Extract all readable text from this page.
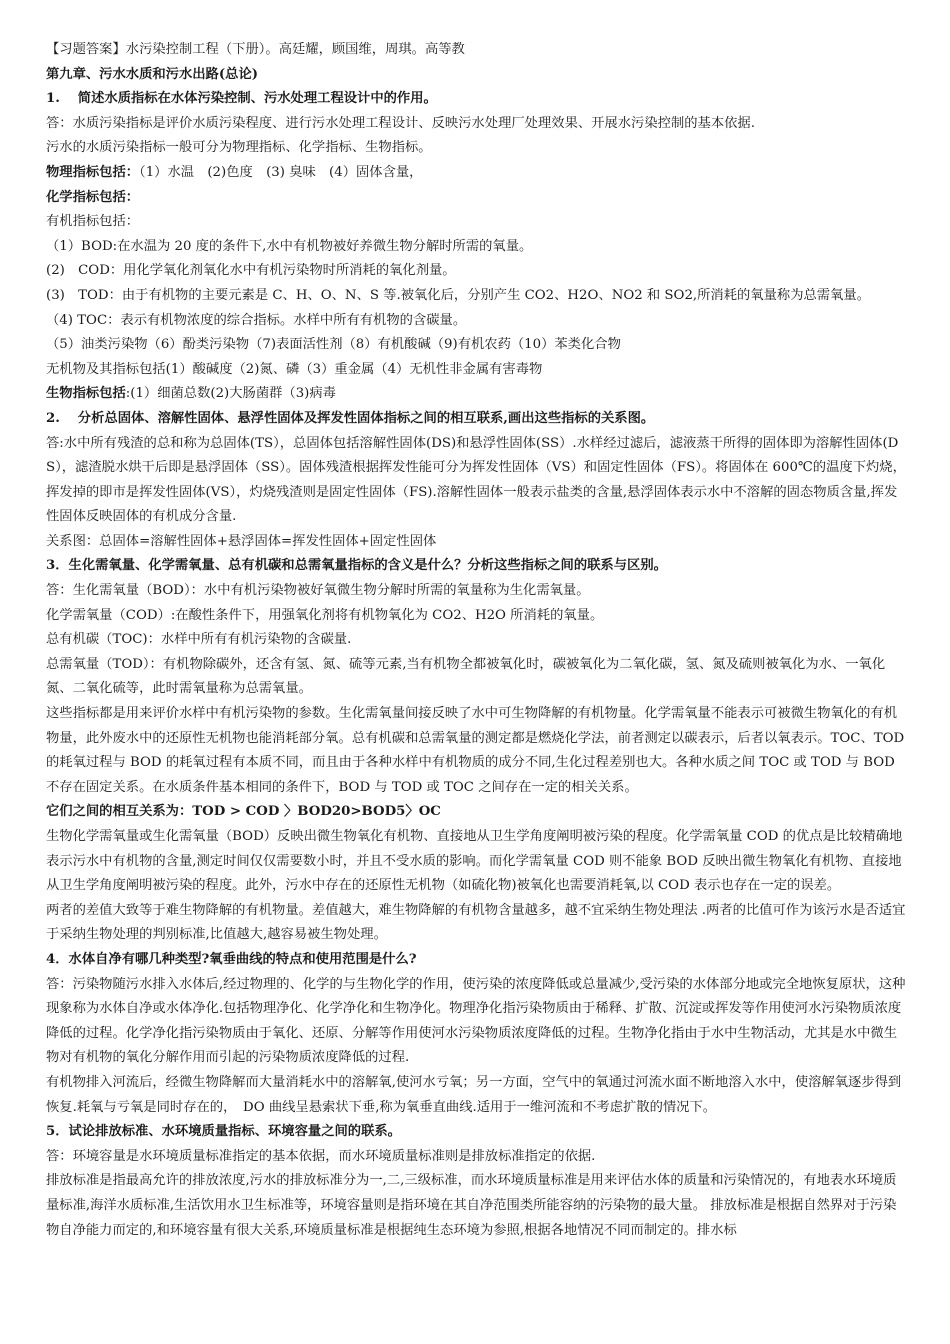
【习题答案】水污染控制工程（下册）。高廷耀，顾国维，周琪。高等教

第九章、污水水质和污水出路(总论)

1.　 简述水质指标在水体污染控制、污水处理工程设计中的作用。

答：水质污染指标是评价水质污染程度、进行污水处理工程设计、反映污水处理厂处理效果、开展水污染控制的基本依据.

污水的水质污染指标一般可分为物理指标、化学指标、生物指标。

物理指标包括：（1）水温　(2)色度　(3) 臭味　(4）固体含量，

化学指标包括：

有机指标包括：

（1）BOD:在水温为 20 度的条件下,水中有机物被好养微生物分解时所需的氧量。

(2)　COD：用化学氧化剂氧化水中有机污染物时所消耗的氧化剂量。

(3)　TOD：由于有机物的主要元素是 C、H、O、N、S 等.被氧化后，分别产生 CO2、H2O、NO2 和 SO2,所消耗的氧量称为总需氧量。

（4) TOC：表示有机物浓度的综合指标。水样中所有有机物的含碳量。

（5）油类污染物（6）酚类污染物（7)表面活性剂（8）有机酸碱（9)有机农药（10）苯类化合物

无机物及其指标包括(1）酸碱度（2)氮、磷（3）重金属（4）无机性非金属有害毒物

生物指标包括:(1）细菌总数(2)大肠菌群（3)病毒

2.　 分析总固体、溶解性固体、悬浮性固体及挥发性固体指标之间的相互联系,画出这些指标的关系图。

答:水中所有残渣的总和称为总固体(TS），总固体包括溶解性固体(DS)和悬浮性固体(SS）.水样经过滤后，滤液蒸干所得的固体即为溶解性固体(DS），滤渣脱水烘干后即是悬浮固体（SS）。固体残渣根据挥发性能可分为挥发性固体（VS）和固定性固体（FS）。将固体在 600℃的温度下灼烧，挥发掉的即市是挥发性固体(VS），灼烧残渣则是固定性固体（FS).溶解性固体一般表示盐类的含量,悬浮固体表示水中不溶解的固态物质含量,挥发性固体反映固体的有机成分含量.

关系图：总固体=溶解性固体+悬浮固体=挥发性固体+固定性固体

3．生化需氧量、化学需氧量、总有机碳和总需氧量指标的含义是什么？分析这些指标之间的联系与区别。

答：生化需氧量（BOD）：水中有机污染物被好氧微生物分解时所需的氧量称为生化需氧量。

化学需氧量（COD）:在酸性条件下，用强氧化剂将有机物氧化为 CO2、H2O 所消耗的氧量。

总有机碳（TOC)：水样中所有有机污染物的含碳量.

总需氧量（TOD）：有机物除碳外，还含有氢、氮、硫等元素,当有机物全都被氧化时，碳被氧化为二氧化碳，氢、氮及硫则被氧化为水、一氧化氮、二氧化硫等，此时需氧量称为总需氧量。

这些指标都是用来评价水样中有机污染物的参数。生化需氧量间接反映了水中可生物降解的有机物量。化学需氧量不能表示可被微生物氧化的有机物量，此外废水中的还原性无机物也能消耗部分氧。总有机碳和总需氧量的测定都是燃烧化学法，前者测定以碳表示，后者以氧表示。TOC、TOD 的耗氧过程与 BOD 的耗氧过程有本质不同，而且由于各种水样中有机物质的成分不同,生化过程差别也大。各种水质之间 TOC 或 TOD 与 BOD 不存在固定关系。在水质条件基本相同的条件下，BOD 与 TOD 或 TOC 之间存在一定的相关关系。

它们之间的相互关系为：TOD > COD 〉BOD20>BOD5〉OC

生物化学需氧量或生化需氧量（BOD）反映出微生物氧化有机物、直接地从卫生学角度阐明被污染的程度。化学需氧量 COD 的优点是比较精确地表示污水中有机物的含量,测定时间仅仅需要数小时，并且不受水质的影响。而化学需氧量 COD 则不能象 BOD 反映出微生物氧化有机物、直接地从卫生学角度阐明被污染的程度。此外，污水中存在的还原性无机物（如硫化物)被氧化也需要消耗氧,以 COD 表示也存在一定的误差。

两者的差值大致等于难生物降解的有机物量。差值越大，难生物降解的有机物含量越多，越不宜采纳生物处理法 .两者的比值可作为该污水是否适宜于采纳生物处理的判别标准,比值越大,越容易被生物处理。

4．水体自净有哪几种类型?氧垂曲线的特点和使用范围是什么?

答：污染物随污水排入水体后,经过物理的、化学的与生物化学的作用，使污染的浓度降低或总量减少,受污染的水体部分地或完全地恢复原状，这种现象称为水体自净或水体净化.包括物理净化、化学净化和生物净化。物理净化指污染物质由于稀释、扩散、沉淀或挥发等作用使河水污染物质浓度降低的过程。化学净化指污染物质由于氧化、还原、分解等作用使河水污染物质浓度降低的过程。生物净化指由于水中生物活动，尤其是水中微生物对有机物的氧化分解作用而引起的污染物质浓度降低的过程.

有机物排入河流后，经微生物降解而大量消耗水中的溶解氧,使河水亏氧；另一方面，空气中的氧通过河流水面不断地溶入水中，使溶解氧逐步得到恢复.耗氧与亏氧是同时存在的，　DO 曲线呈悬索状下垂,称为氧垂直曲线.适用于一维河流和不考虑扩散的情况下。

5．试论排放标准、水环境质量指标、环境容量之间的联系。

答：环境容量是水环境质量标准指定的基本依据，而水环境质量标准则是排放标准指定的依据.

排放标准是指最高允许的排放浓度,污水的排放标准分为一,二,三级标准，而水环境质量标准是用来评估水体的质量和污染情况的，有地表水环境质量标准,海洋水质标准,生活饮用水卫生标准等，环境容量则是指环境在其自净范围类所能容纳的污染物的最大量。 排放标准是根据自然界对于污染物自净能力而定的,和环境容量有很大关系,环境质量标准是根据纯生态环境为参照,根据各地情况不同而制定的。排水标
